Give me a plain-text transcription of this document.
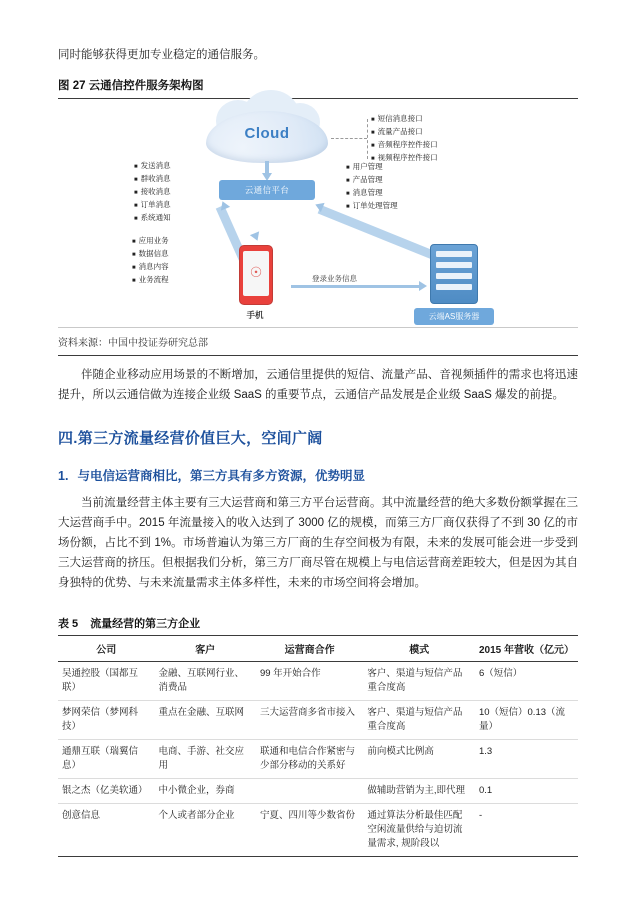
同时能够获得更加专业稳定的通信服务。

图 27 云通信控件服务架构图
Cloud
■ 短信消息接口
■ 流量产品接口
■ 音频程序控件接口
■ 视频程序控件接口
云通信平台
■ 发送消息
■ 群收消息
■ 接收消息
■ 订单消息
■ 系统通知
■ 用户管理
■ 产品管理
■ 消息管理
■ 订单处理管理
■ 应用业务
■ 数据信息
■ 消息内容
■ 业务流程	☉
手机
登录业务信息
云端AS服务器
资料来源：中国中投证券研究总部

伴随企业移动应用场景的不断增加，云通信里提供的短信、流量产品、音视频插件的需求也将迅速提升，所以云通信做为连接企业级 SaaS 的重要节点，云通信产品发展是企业级 SaaS 爆发的前提。

四.第三方流量经营价值巨大，空间广阔
1. 与电信运营商相比，第三方具有多方资源，优势明显

当前流量经营主体主要有三大运营商和第三方平台运营商。其中流量经营的绝大多数份额掌握在三大运营商手中。2015 年流量接入的收入达到了 3000 亿的规模，而第三方厂商仅获得了不到 30 亿的市场份额，占比不到 1%。市场普遍认为第三方厂商的生存空间极为有限，未来的发展可能会进一步受到三大运营商的挤压。但根据我们分析，第三方厂商尽管在规模上与电信运营商差距较大，但是因为其自身独特的优势、与未来流量需求主体多样性，未来的市场空间将会增加。

表 5 流量经营的第三方企业
公司	客户	运营商合作	模式	2015 年营收（亿元）
吴通控股（国都互联）	金融、互联网行业、消费品	99 年开始合作	客户、渠道与短信产品重合度高	6（短信）
梦网荣信（梦网科技）	重点在金融、互联网	三大运营商多省市接入	客户、渠道与短信产品重合度高	10（短信）0.13（流量）
通鼎互联（瑞翼信息）	电商、手游、社交应用	联通和电信合作紧密与少部分移动的关系好	前向模式比例高	1.3
银之杰（亿美软通）	中小微企业，券商		做辅助营销为主,即代理	0.1
创意信息	个人或者部分企业	宁夏、四川等少数省份	通过算法分析最佳匹配空闲流量供给与迫切流量需求, 规阶段以	-
